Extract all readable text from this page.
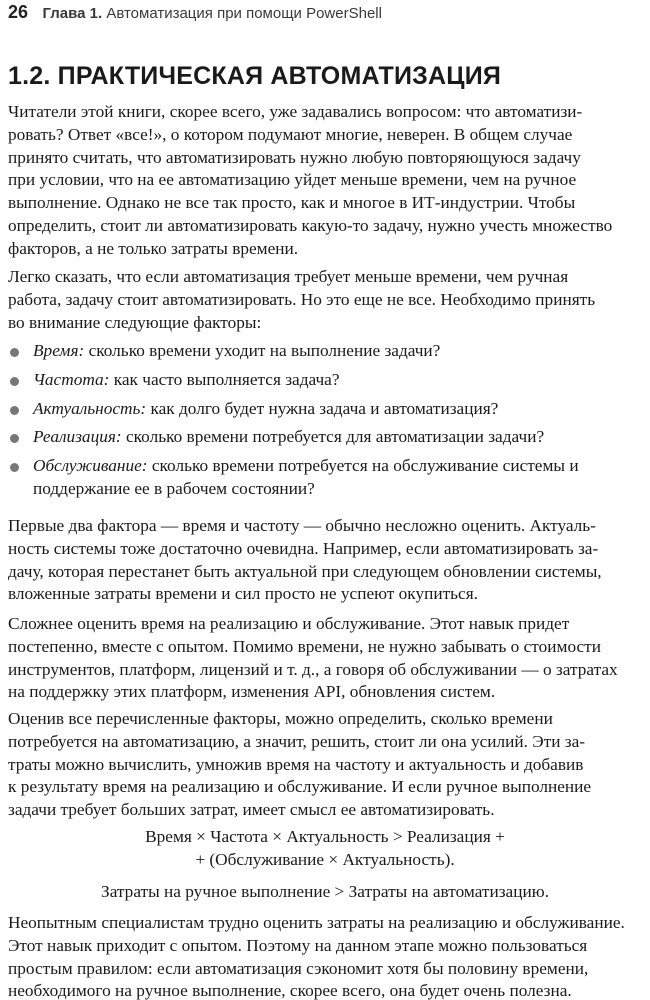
26 Глава 1. Автоматизация при помощи PowerShell
1.2. ПРАКТИЧЕСКАЯ АВТОМАТИЗАЦИЯ

Читатели этой книги, скорее всего, уже задавались вопросом: что автоматизи-
ровать? Ответ «все!», о котором подумают многие, неверен. В общем случае
принято считать, что автоматизировать нужно любую повторяющуюся задачу
при условии, что на ее автоматизацию уйдет меньше времени, чем на ручное
выполнение. Однако не все так просто, как и многое в ИТ-индустрии. Чтобы
определить, стоит ли автоматизировать какую-то задачу, нужно учесть множество
факторов, а не только затраты времени.

Легко сказать, что если автоматизация требует меньше времени, чем ручная
работа, задачу стоит автоматизировать. Но это еще не все. Необходимо принять
во внимание следующие факторы:

Время: сколько времени уходит на выполнение задачи?
Частота: как часто выполняется задача?
Актуальность: как долго будет нужна задача и автоматизация?
Реализация: сколько времени потребуется для автоматизации задачи?
Обслуживание: сколько времени потребуется на обслуживание системы и поддержание ее в рабочем состоянии?

Первые два фактора — время и частоту — обычно несложно оценить. Актуаль-
ность системы тоже достаточно очевидна. Например, если автоматизировать за-
дачу, которая перестанет быть актуальной при следующем обновлении системы,
вложенные затраты времени и сил просто не успеют окупиться.

Сложнее оценить время на реализацию и обслуживание. Этот навык придет
постепенно, вместе с опытом. Помимо времени, не нужно забывать о стоимости
инструментов, платформ, лицензий и т. д., а говоря об обслуживании — о затратах
на поддержку этих платформ, изменения API, обновления систем.

Оценив все перечисленные факторы, можно определить, сколько времени
потребуется на автоматизацию, а значит, решить, стоит ли она усилий. Эти за-
траты можно вычислить, умножив время на частоту и актуальность и добавив
к результату время на реализацию и обслуживание. И если ручное выполнение
задачи требует больших затрат, имеет смысл ее автоматизировать.

Время × Частота × Актуальность > Реализация +

+ (Обслуживание × Актуальность).

Затраты на ручное выполнение > Затраты на автоматизацию.

Неопытным специалистам трудно оценить затраты на реализацию и обслуживание.
Этот навык приходит с опытом. Поэтому на данном этапе можно пользоваться
простым правилом: если автоматизация сэкономит хотя бы половину времени,
необходимого на ручное выполнение, скорее всего, она будет очень полезна.
